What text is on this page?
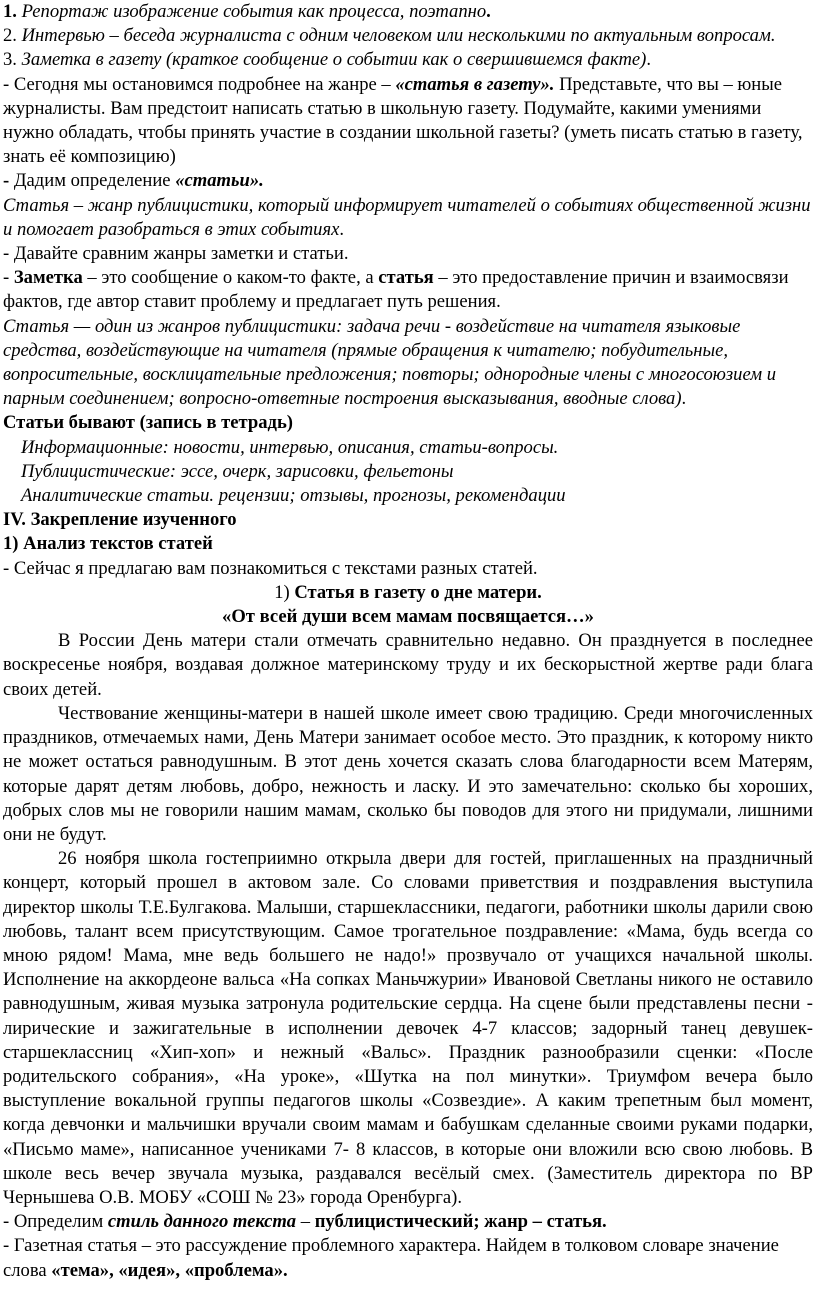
1. Репортаж изображение события как процесса, поэтапно.

2. Интервью – беседа журналиста с одним человеком или несколькими по актуальным вопросам.

3. Заметка в газету (краткое сообщение о событии как о свершившемся факте).

- Сегодня мы остановимся подробнее на жанре – «статья в газету». Представьте, что вы – юные журналисты. Вам предстоит написать статью в школьную газету. Подумайте, какими умениями нужно обладать, чтобы принять участие в создании школьной газеты? (уметь писать статью в газету, знать её композицию)

- Дадим определение «статьи».

Статья – жанр публицистики, который информирует читателей о событиях общественной жизни и помогает разобраться в этих событиях.

- Давайте сравним жанры заметки и статьи.

- Заметка – это сообщение о каком-то факте, а статья – это предоставление причин и взаимосвязи фактов, где автор ставит проблему и предлагает путь решения.

Статья — один из жанров публицистики: задача речи - воздействие на читателя языковые средства, воздействующие на читателя (прямые обращения к читателю; побудительные, вопросительные, восклицательные предложения; повторы; однородные члены с многосоюзием и парным соединением; вопросно-ответные построения высказывания, вводные слова).

Статьи бывают (запись в тетрадь)

Информационные: новости, интервью, описания, статьи-вопросы.

Публицистические: эссе, очерк, зарисовки, фельетоны

Аналитические статьи. рецензии; отзывы, прогнозы, рекомендации

IV. Закрепление изученного

1) Анализ текстов статей

- Сейчас я предлагаю вам познакомиться с текстами разных статей.

1) Статья в газету о дне матери.

«От всей души всем мамам посвящается…»

В России День матери стали отмечать сравнительно недавно. Он празднуется в последнее воскресенье ноября, воздавая должное материнскому труду и их бескорыстной жертве ради блага своих детей.

Чествование женщины-матери в нашей школе имеет свою традицию. Среди многочисленных праздников, отмечаемых нами, День Матери занимает особое место. Это праздник, к которому никто не может остаться равнодушным. В этот день хочется сказать слова благодарности всем Матерям, которые дарят детям любовь, добро, нежность и ласку. И это замечательно: сколько бы хороших, добрых слов мы не говорили нашим мамам, сколько бы поводов для этого ни придумали, лишними они не будут.

26 ноября школа гостеприимно открыла двери для гостей, приглашенных на праздничный концерт, который прошел в актовом зале. Со словами приветствия и поздравления выступила директор школы Т.Е.Булгакова. Малыши, старшеклассники, педагоги, работники школы дарили свою любовь, талант всем присутствующим. Самое трогательное поздравление: «Мама, будь всегда со мною рядом! Мама, мне ведь большего не надо!» прозвучало от учащихся начальной школы. Исполнение на аккордеоне вальса «На сопках Маньчжурии» Ивановой Светланы никого не оставило равнодушным, живая музыка затронула родительские сердца. На сцене были представлены песни - лирические и зажигательные в исполнении девочек 4-7 классов; задорный танец девушек-старшеклассниц «Хип-хоп» и нежный «Вальс». Праздник разнообразили сценки: «После родительского собрания», «На уроке», «Шутка на пол минутки». Триумфом вечера было выступление вокальной группы педагогов школы «Созвездие». А каким трепетным был момент, когда девчонки и мальчишки вручали своим мамам и бабушкам сделанные своими руками подарки, «Письмо маме», написанное учениками 7- 8 классов, в которые они вложили всю свою любовь. В школе весь вечер звучала музыка, раздавался весёлый смех. (Заместитель директора по ВР Чернышева О.В. МОБУ «СОШ № 23» города Оренбурга).

- Определим стиль данного текста – публицистический; жанр – статья.

- Газетная статья – это рассуждение проблемного характера. Найдем в толковом словаре значение слова «тема», «идея», «проблема».
